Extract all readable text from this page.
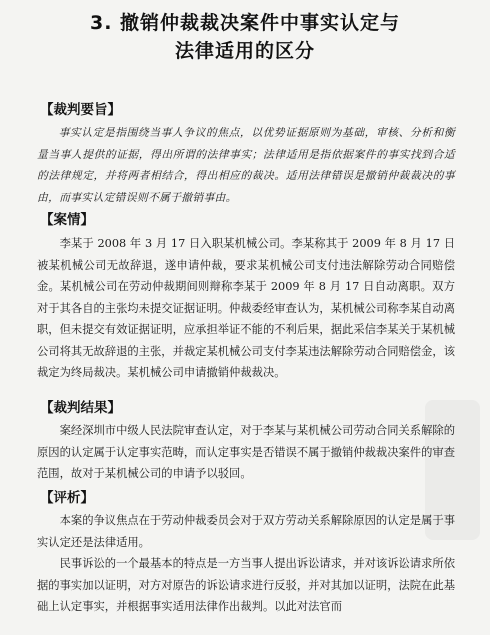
3. 撤销仲裁裁决案件中事实认定与
法律适用的区分
【裁判要旨】

事实认定是指围绕当事人争议的焦点，以优势证据原则为基础，审核、分析和衡量当事人提供的证据，得出所谓的法律事实；法律适用是指依据案件的事实找到合适的法律规定，并将两者相结合，得出相应的裁决。适用法律错误是撤销仲裁裁决的事由，而事实认定错误则不属于撤销事由。

【案情】

李某于 2008 年 3 月 17 日入职某机械公司。李某称其于 2009 年 8 月 17 日被某机械公司无故辞退，遂申请仲裁，要求某机械公司支付违法解除劳动合同赔偿金。某机械公司在劳动仲裁期间则辩称李某于 2009 年 8 月 17 日自动离职。双方对于其各自的主张均未提交证据证明。仲裁委经审查认为，某机械公司称李某自动离职，但未提交有效证据证明，应承担举证不能的不利后果，据此采信李某关于某机械公司将其无故辞退的主张，并裁定某机械公司支付李某违法解除劳动合同赔偿金，该裁定为终局裁决。某机械公司申请撤销仲裁裁决。

【裁判结果】

案经深圳市中级人民法院审查认定，对于李某与某机械公司劳动合同关系解除的原因的认定属于认定事实范畴，而认定事实是否错误不属于撤销仲裁裁决案件的审查范围，故对于某机械公司的申请予以驳回。

【评析】

本案的争议焦点在于劳动仲裁委员会对于双方劳动关系解除原因的认定是属于事实认定还是法律适用。

民事诉讼的一个最基本的特点是一方当事人提出诉讼请求，并对该诉讼请求所依据的事实加以证明，对方对原告的诉讼请求进行反驳，并对其加以证明，法院在此基础上认定事实，并根据事实适用法律作出裁判。以此对法官而
